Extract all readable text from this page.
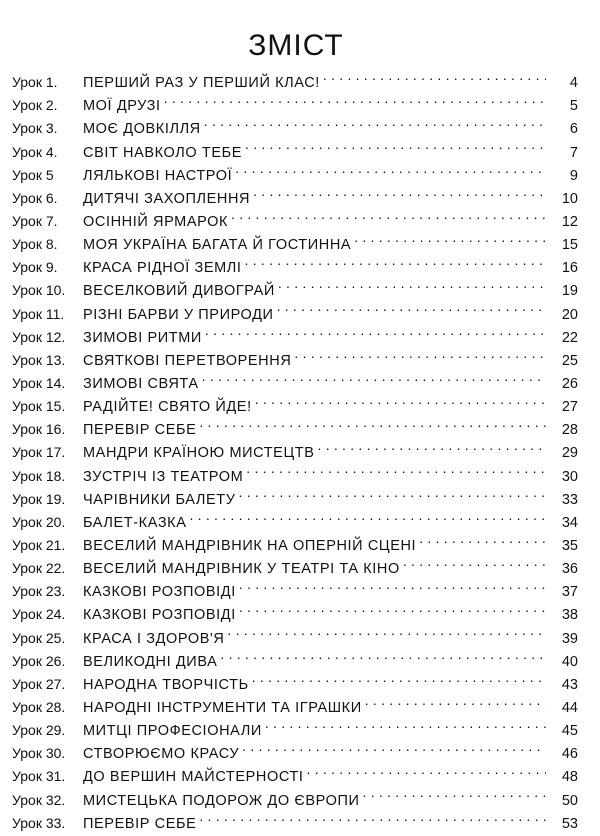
ЗМІСТ
Урок 1.	ПЕРШИЙ РАЗ У ПЕРШИЙ КЛАС! . . .	4
Урок 2.	МОЇ ДРУЗІ . . .	5
Урок 3.	МОЄ ДОВКІЛЛЯ . . .	6
Урок 4.	СВІТ НАВКОЛО ТЕБЕ . . .	7
Урок 5	ЛЯЛЬКОВІ НАСТРОЇ . . .	9
Урок 6.	ДИТЯЧІ ЗАХОПЛЕННЯ . . .	10
Урок 7.	ОСІННІЙ ЯРМАРОК . . .	12
Урок 8.	МОЯ УКРАЇНА БАГАТА Й ГОСТИННА . . .	15
Урок 9.	КРАСА РІДНОЇ ЗЕМЛІ . . .	16
Урок 10.	ВЕСЕЛКОВИЙ ДИВОГРАЙ . . .	19
Урок 11.	РІЗНІ БАРВИ У ПРИРОДИ . . .	20
Урок 12.	ЗИМОВІ РИТМИ . . .	22
Урок 13.	СВЯТКОВІ ПЕРЕТВОРЕННЯ . . .	25
Урок 14.	ЗИМОВІ СВЯТА . . .	26
Урок 15.	РАДІЙТЕ! СВЯТО ЙДЕ! . . .	27
Урок 16.	ПЕРЕВІР СЕБЕ . . .	28
Урок 17.	МАНДРИ КРАЇНОЮ МИСТЕЦТВ . . .	29
Урок 18.	ЗУСТРІЧ ІЗ ТЕАТРОМ . . .	30
Урок 19.	ЧАРІВНИКИ БАЛЕТУ . . .	33
Урок 20.	БАЛЕТ-КАЗКА . . .	34
Урок 21.	ВЕСЕЛИЙ МАНДРІВНИК НА ОПЕРНІЙ СЦЕНІ . . .	35
Урок 22.	ВЕСЕЛИЙ МАНДРІВНИК У ТЕАТРІ ТА КІНО . . .	36
Урок 23.	КАЗКОВІ РОЗПОВІДІ . . .	37
Урок 24.	КАЗКОВІ РОЗПОВІДІ . . .	38
Урок 25.	КРАСА І ЗДОРОВ'Я . . .	39
Урок 26.	ВЕЛИКОДНІ ДИВА . . .	40
Урок 27.	НАРОДНА ТВОРЧІСТЬ . . .	43
Урок 28.	НАРОДНІ ІНСТРУМЕНТИ ТА ІГРАШКИ . . .	44
Урок 29.	МИТЦІ ПРОФЕСІОНАЛИ . . .	45
Урок 30.	СТВОРЮЄМО КРАСУ . . .	46
Урок 31.	ДО ВЕРШИН МАЙСТЕРНОСТІ . . .	48
Урок 32.	МИСТЕЦЬКА ПОДОРОЖ ДО ЄВРОПИ . . .	50
Урок 33.	ПЕРЕВІР СЕБЕ . . .	53
